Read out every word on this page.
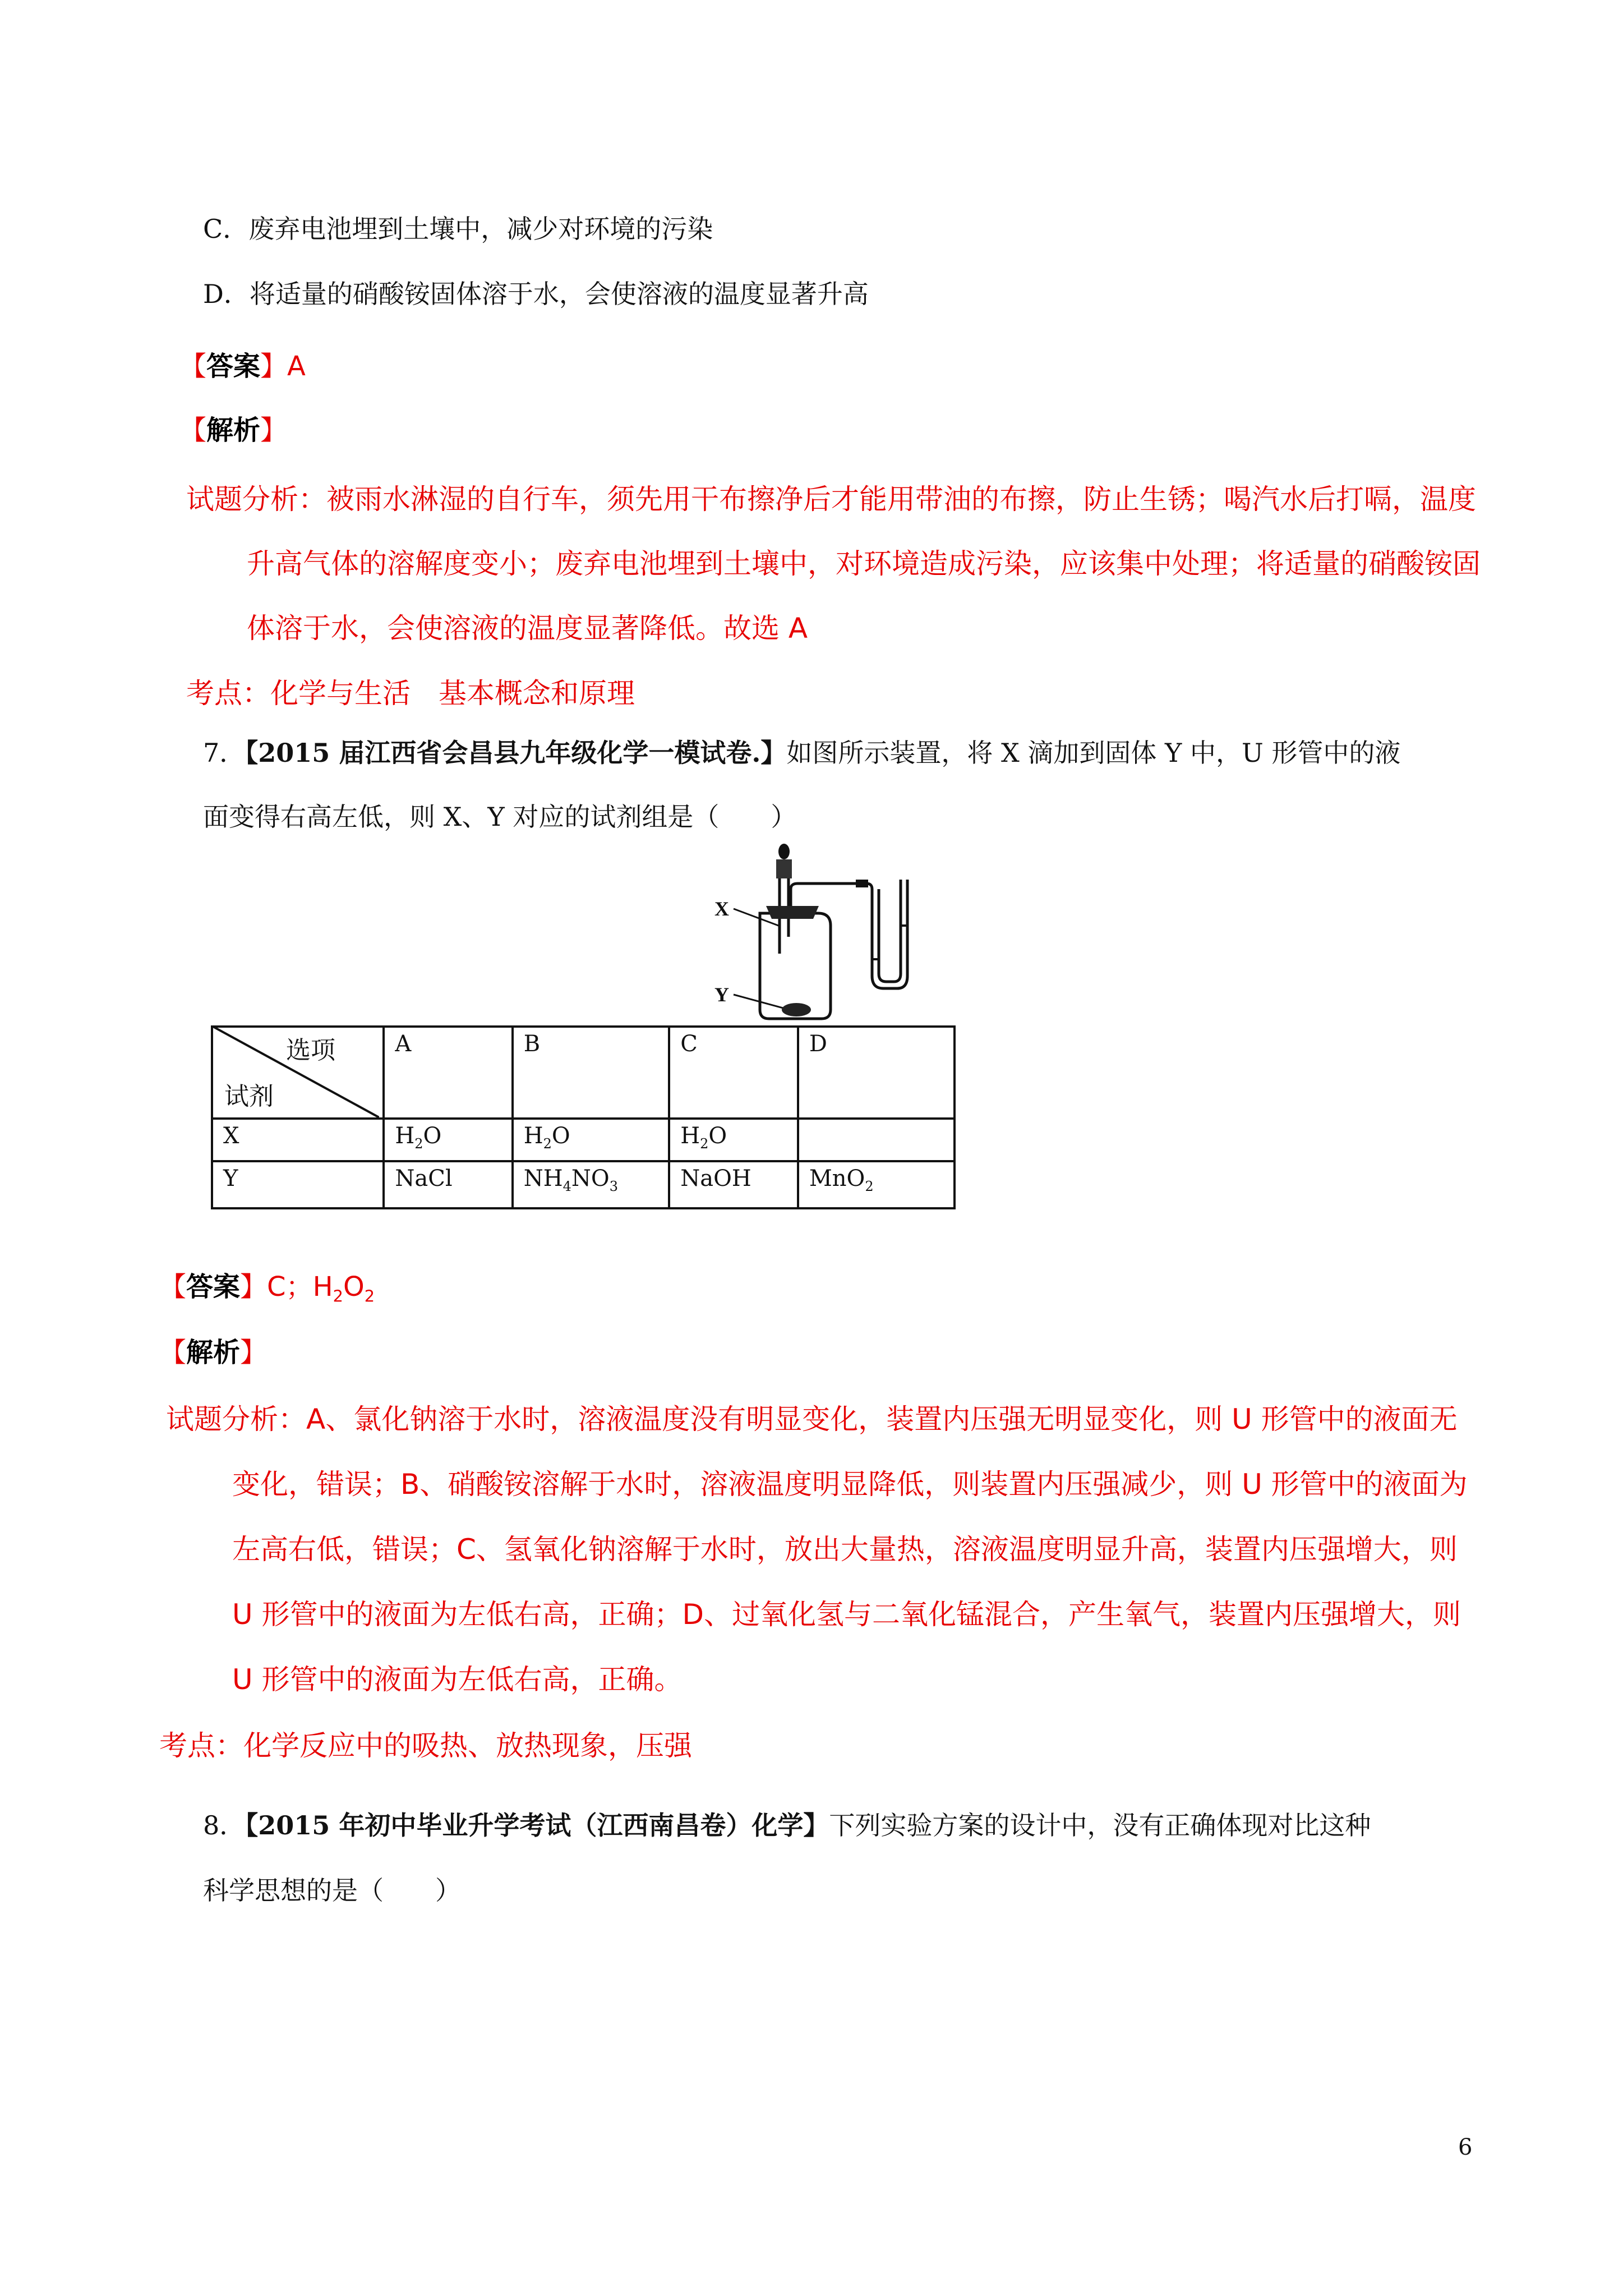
C．废弃电池埋到土壤中，减少对环境的污染
D．将适量的硝酸铵固体溶于水，会使溶液的温度显著升高
【答案】A
【解析】
试题分析：被雨水淋湿的自行车，须先用干布擦净后才能用带油的布擦，防止生锈；喝汽水后打嗝，温度
升高气体的溶解度变小；废弃电池埋到土壤中，对环境造成污染，应该集中处理；将适量的硝酸铵固
体溶于水，会使溶液的温度显著降低。故选 A
考点：化学与生活　基本概念和原理
7．【2015 届江西省会昌县九年级化学一模试卷.】如图所示装置，将 X 滴加到固体 Y 中，U 形管中的液
面变得右高左低，则 X、Y 对应的试剂组是（　　）
X
Y
选项
试剂	A	B	C	D
X	$H_2O$	$H_2O$	$H_2O$	
Y	NaCl	$NH_4NO_3$	NaOH	MnO$_2$
【答案】C；$H_2O_2$
【解析】
试题分析：A、氯化钠溶于水时，溶液温度没有明显变化，装置内压强无明显变化，则 U 形管中的液面无
变化，错误；B、硝酸铵溶解于水时，溶液温度明显降低，则装置内压强减少，则 U 形管中的液面为
左高右低，错误；C、氢氧化钠溶解于水时，放出大量热，溶液温度明显升高，装置内压强增大，则
U 形管中的液面为左低右高，正确；D、过氧化氢与二氧化锰混合，产生氧气，装置内压强增大，则
U 形管中的液面为左低右高，正确。
考点：化学反应中的吸热、放热现象，压强
8．【2015 年初中毕业升学考试（江西南昌卷）化学】下列实验方案的设计中，没有正确体现对比这种
科学思想的是（　　）
6
